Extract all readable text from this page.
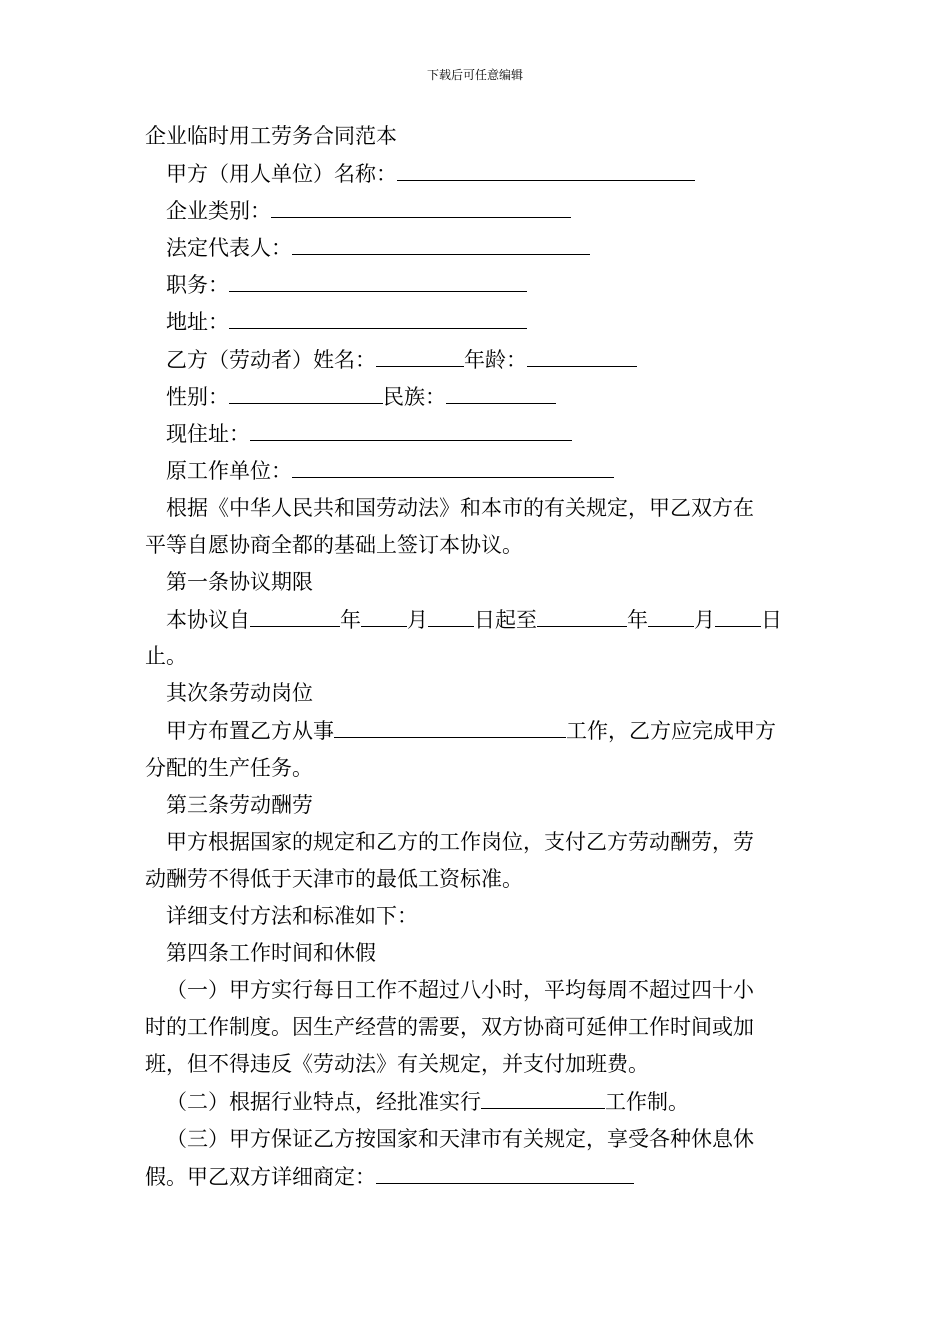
下载后可任意编辑
企业临时用工劳务合同范本
甲方（用人单位）名称：
企业类别：
法定代表人：
职务：
地址：
乙方（劳动者）姓名：	年龄：
性别：	民族：
现住址：
原工作单位：
根据《中华人民共和国劳动法》和本市的有关规定，甲乙双方在
平等自愿协商全都的基础上签订本协议。
第一条协议期限
本协议自	年 月 日起至	年 月 日
止。
其次条劳动岗位
甲方布置乙方从事	工作，乙方应完成甲方
分配的生产任务。
第三条劳动酬劳
甲方根据国家的规定和乙方的工作岗位，支付乙方劳动酬劳，劳
动酬劳不得低于天津市的最低工资标准。
详细支付方法和标准如下：
第四条工作时间和休假
（一）甲方实行每日工作不超过八小时，平均每周不超过四十小
时的工作制度。因生产经营的需要，双方协商可延伸工作时间或加
班，但不得违反《劳动法》有关规定，并支付加班费。
（二）根据行业特点，经批准实行	工作制。
（三）甲方保证乙方按国家和天津市有关规定，享受各种休息休
假。甲乙双方详细商定：
